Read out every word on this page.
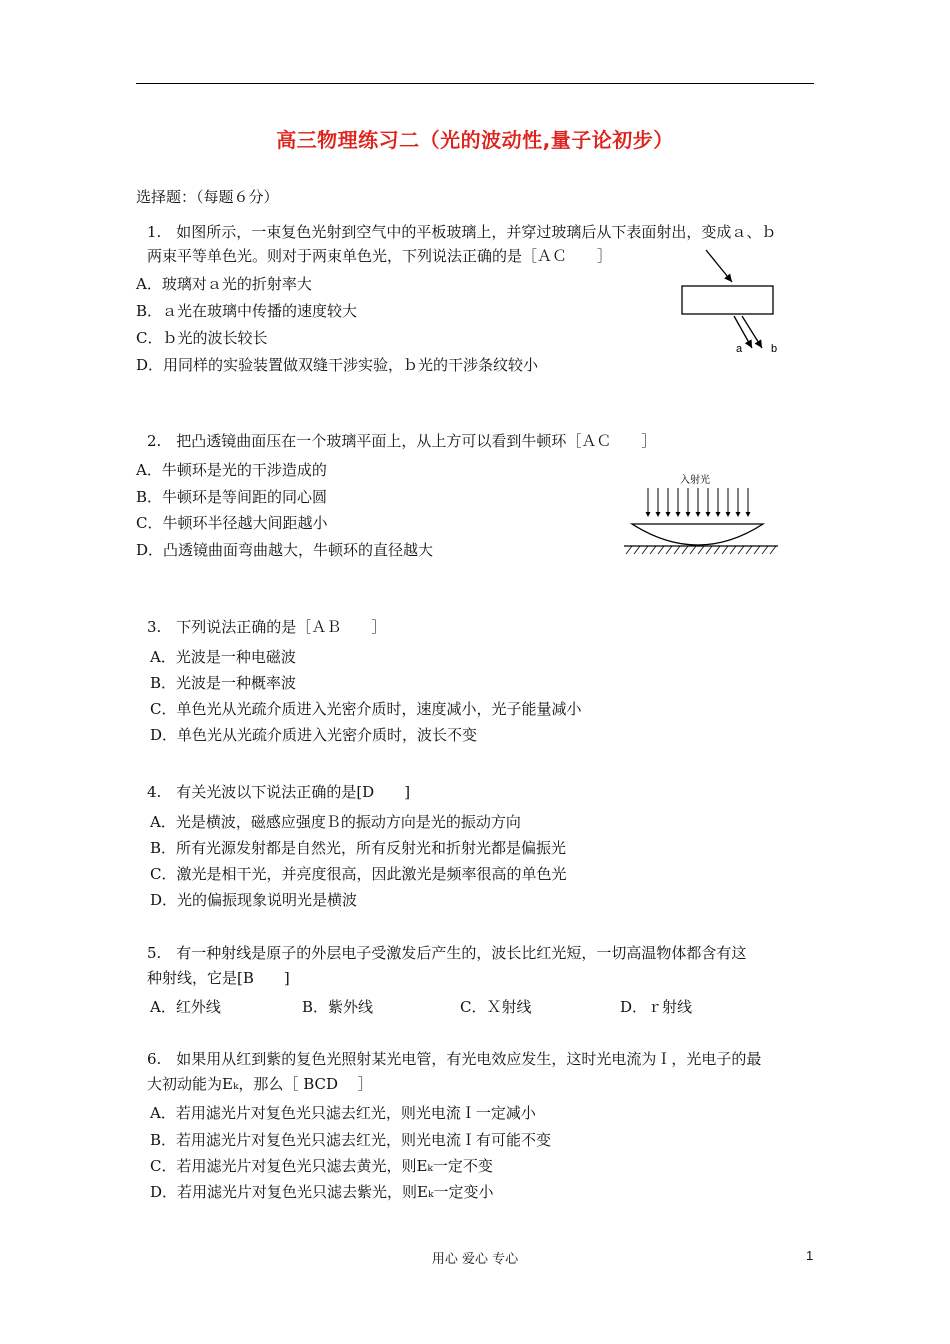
高三物理练习二（光的波动性,量子论初步）
选择题：（每题６分）
1.　如图所示，一束复色光射到空气中的平板玻璃上，并穿过玻璃后从下表面射出，变成ａ、ｂ
两束平等单色光。则对于两束单色光，下列说法正确的是［ＡＣ　　］
A．玻璃对ａ光的折射率大
B．ａ光在玻璃中传播的速度较大
C．ｂ光的波长较长
D．用同样的实验装置做双缝干涉实验，ｂ光的干涉条纹较小
a	b
2.　把凸透镜曲面压在一个玻璃平面上，从上方可以看到牛顿环［ＡＣ　　］
A．牛顿环是光的干涉造成的
B．牛顿环是等间距的同心圆
C．牛顿环半径越大间距越小
D．凸透镜曲面弯曲越大，牛顿环的直径越大
入射光
3.　下列说法正确的是［ＡＢ　　］
A．光波是一种电磁波
B．光波是一种概率波
C．单色光从光疏介质进入光密介质时，速度减小，光子能量减小
D．单色光从光疏介质进入光密介质时，波长不变
4.　有关光波以下说法正确的是[D　　]
A．光是横波，磁感应强度Ｂ的振动方向是光的振动方向
B．所有光源发射都是自然光，所有反射光和折射光都是偏振光
C．激光是相干光，并亮度很高，因此激光是频率很高的单色光
D．光的偏振现象说明光是横波
5.　有一种射线是原子的外层电子受激发后产生的，波长比红光短，一切高温物体都含有这
种射线，它是[B　　]
A．红外线	B．紫外线	C．Ｘ射线	D．ｒ射线
6.　如果用从红到紫的复色光照射某光电管，有光电效应发生，这时光电流为Ｉ，光电子的最
大初动能为Eₖ，那么［ BCD　 ］
A．若用滤光片对复色光只滤去红光，则光电流Ｉ一定减小
B．若用滤光片对复色光只滤去红光，则光电流Ｉ有可能不变
C．若用滤光片对复色光只滤去黄光，则Eₖ一定不变
D．若用滤光片对复色光只滤去紫光，则Eₖ一定变小
用心 爱心 专心	1
